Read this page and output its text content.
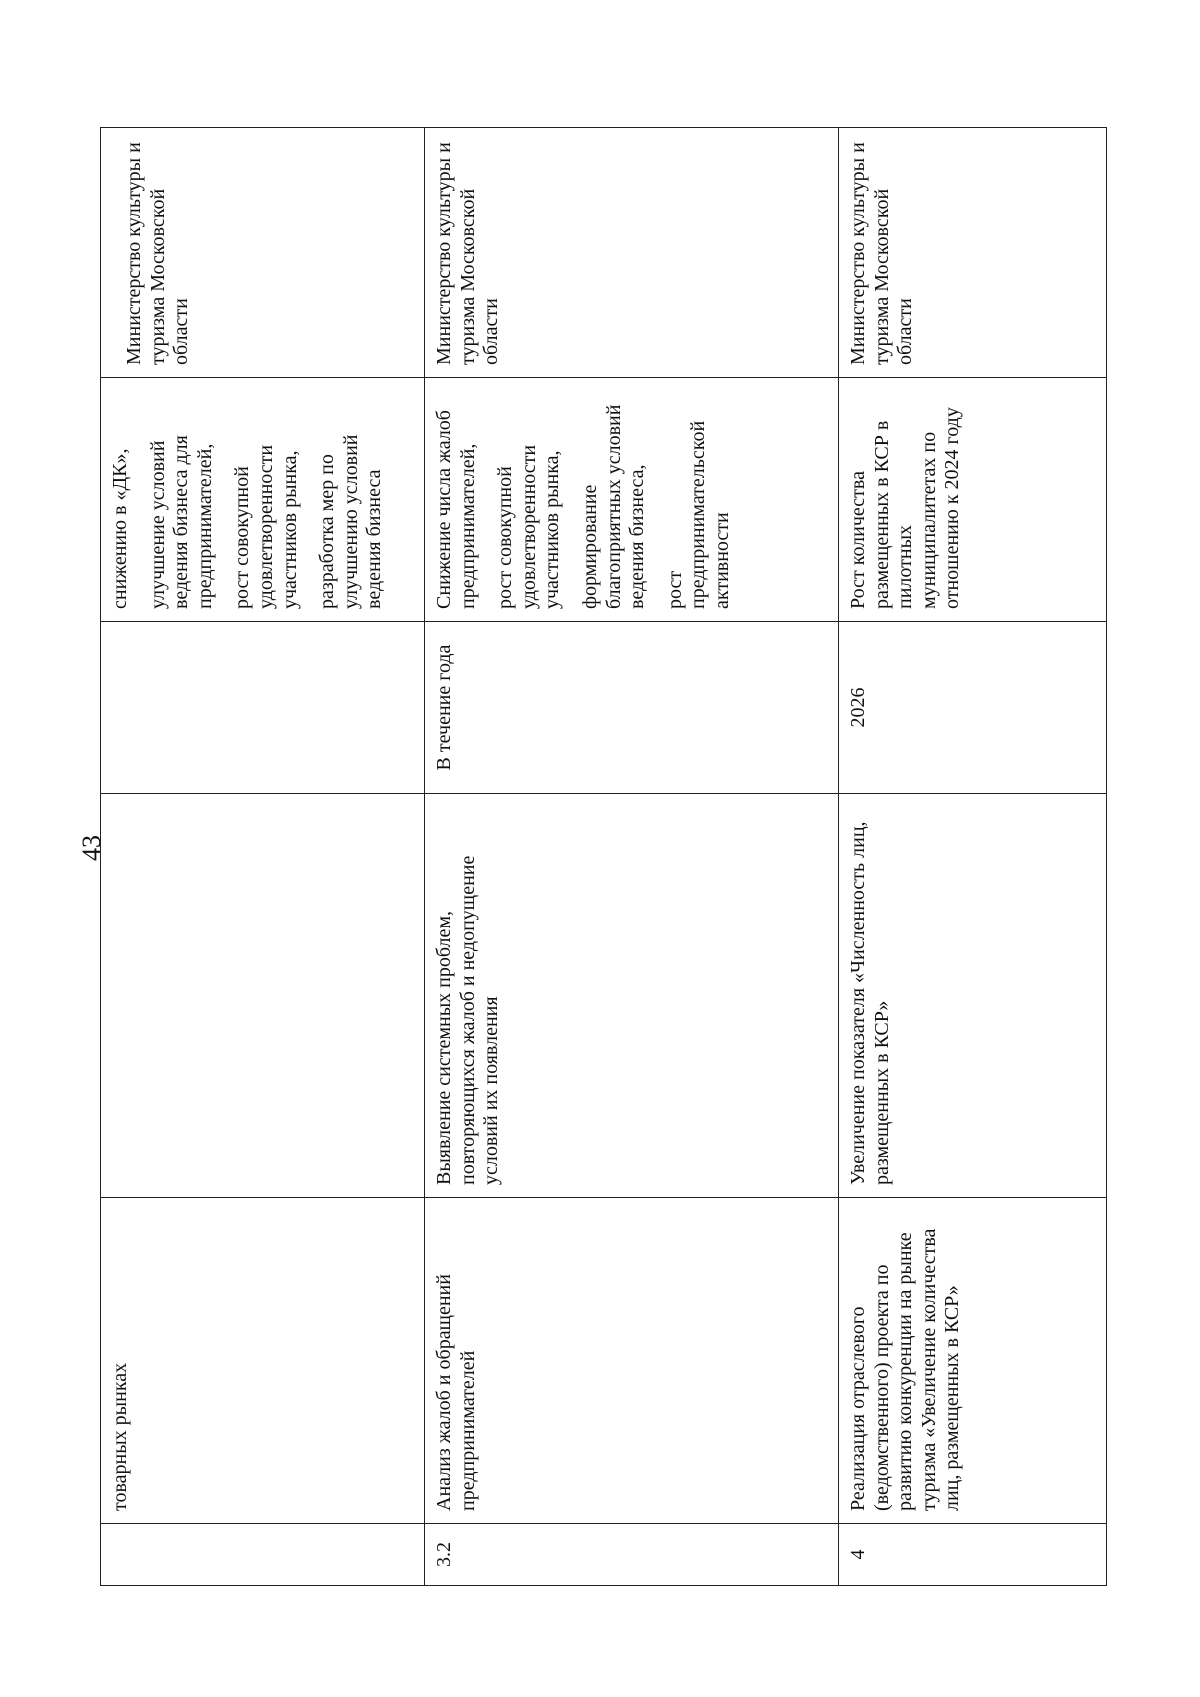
43
	товарных рынках			снижению в «ДК», улучшение условий ведения бизнеса для предпринимателей, рост совокупной удовлетворенности участников рынка, разработка мер по улучшению условий ведения бизнеса	Министерство культуры и туризма Московской области
3.2	Анализ жалоб и обращений предпринимателей	Выявление системных проблем, повторяющихся жалоб и недопущение условий их появления	В течение года	Снижение числа жалоб предпринимателей, рост совокупной удовлетворенности участников рынка, формирование благоприятных условий ведения бизнеса, рост предпринимательской активности	Министерство культуры и туризма Московской области
4	Реализация отраслевого (ведомственного) проекта по развитию конкуренции на рынке туризма «Увеличение количества лиц, размещенных в КСР»	Увеличение показателя «Численность лиц, размещенных в КСР»	2026	Рост количества размещенных в КСР в пилотных муниципалитетах по отношению к 2024 году	Министерство культуры и туризма Московской области
